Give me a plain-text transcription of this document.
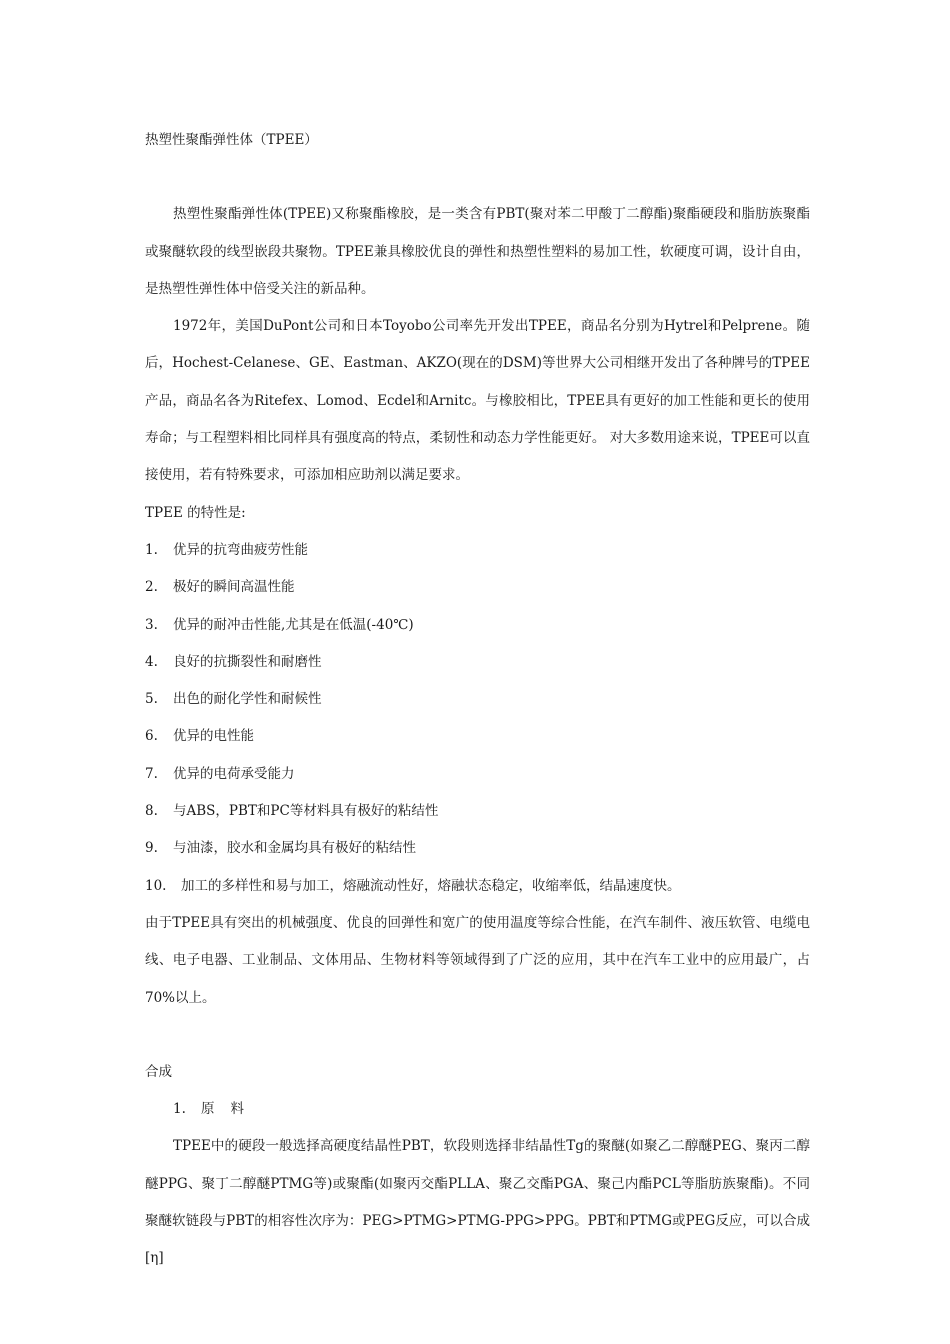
热塑性聚酯弹性体（TPEE）
热塑性聚酯弹性体(TPEE)又称聚酯橡胶，是一类含有PBT(聚对苯二甲酸丁二醇酯)聚酯硬段和脂肪族聚酯或聚醚软段的线型嵌段共聚物。TPEE兼具橡胶优良的弹性和热塑性塑料的易加工性，软硬度可调，设计自由，是热塑性弹性体中倍受关注的新品种。
1972年，美国DuPont公司和日本Toyobo公司率先开发出TPEE，商品名分别为Hytrel和Pelprene。随后，Hochest-Celanese、GE、Eastman、AKZO(现在的DSM)等世界大公司相继开发出了各种牌号的TPEE产品，商品名各为Ritefex、Lomod、Ecdel和Arnitc。与橡胶相比，TPEE具有更好的加工性能和更长的使用寿命；与工程塑料相比同样具有强度高的特点，柔韧性和动态力学性能更好。 对大多数用途来说，TPEE可以直接使用，若有特殊要求，可添加相应助剂以满足要求。
TPEE 的特性是:
1. 优异的抗弯曲疲劳性能
2. 极好的瞬间高温性能
3. 优异的耐冲击性能,尤其是在低温(-40℃)
4. 良好的抗撕裂性和耐磨性
5. 出色的耐化学性和耐候性
6. 优异的电性能
7. 优异的电荷承受能力
8. 与ABS，PBT和PC等材料具有极好的粘结性
9. 与油漆，胶水和金属均具有极好的粘结性
10. 加工的多样性和易与加工，熔融流动性好，熔融状态稳定，收缩率低，结晶速度快。
由于TPEE具有突出的机械强度、优良的回弹性和宽广的使用温度等综合性能，在汽车制件、液压软管、电缆电线、电子电器、工业制品、文体用品、生物材料等领域得到了广泛的应用，其中在汽车工业中的应用最广，占70%以上。
合成
1. 原料
TPEE中的硬段一般选择高硬度结晶性PBT，软段则选择非结晶性Tg的聚醚(如聚乙二醇醚PEG、聚丙二醇醚PPG、聚丁二醇醚PTMG等)或聚酯(如聚丙交酯PLLA、聚乙交酯PGA、聚己内酯PCL等脂肪族聚酯)。不同聚醚软链段与PBT的相容性次序为：PEG>PTMG>PTMG-PPG>PPG。PBT和PTMG或PEG反应，可以合成[η]
